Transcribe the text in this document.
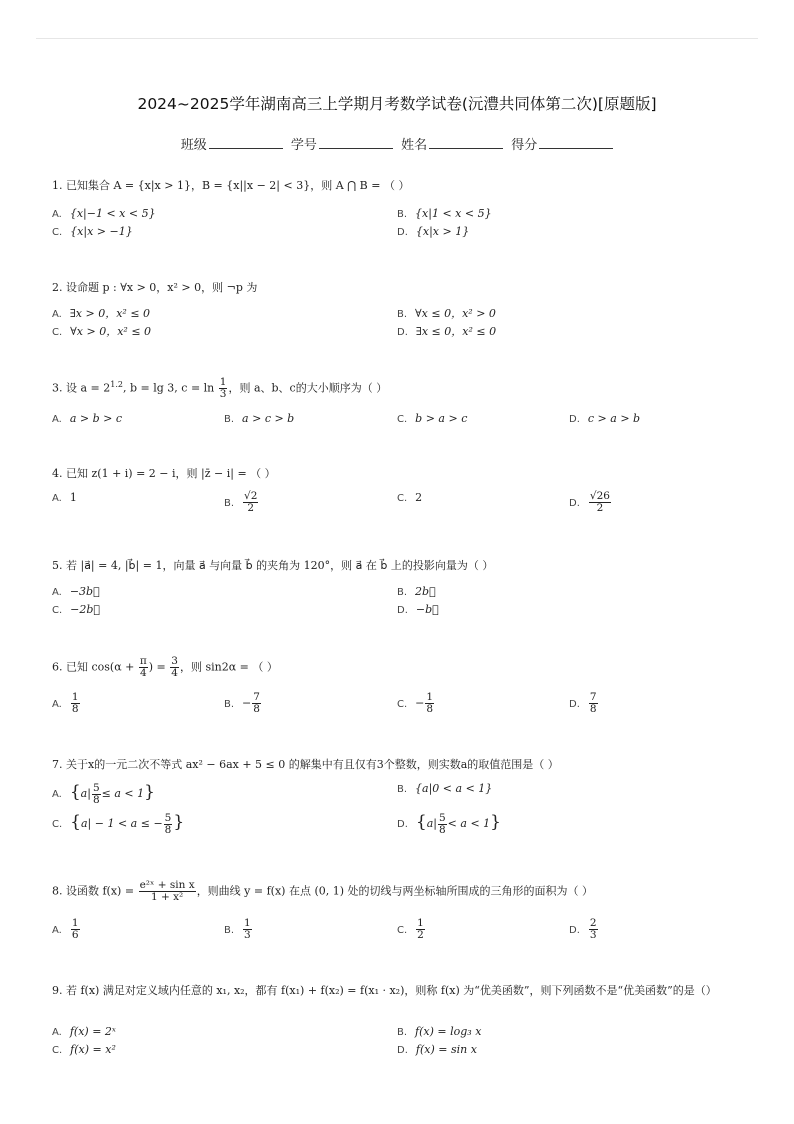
2024~2025学年湖南高三上学期月考数学试卷(沅澧共同体第二次)[原题版]
班级	学号	姓名	得分
1. 已知集合 A = {x|x > 1}，B = {x||x − 2| < 3}，则 A ⋂ B = （ ）
A. {x|−1 < x < 5}	B. {x|1 < x < 5}
C. {x|x > −1}	D. {x|x > 1}
2. 设命题 p : ∀x > 0，x² > 0，则 ¬p 为
A. ∃x > 0，x² ≤ 0	B. ∀x ≤ 0，x² > 0
C. ∀x > 0，x² ≤ 0	D. ∃x ≤ 0，x² ≤ 0
3. 设 $a = 2^{1.2}$, b = lg 3, $c = \ln \frac{1}{3}$ ，则 a、b、c的大小顺序为（ ）
A. a > b > c	B. a > c > b	C. b > a > c	D. c > a > b
4. 已知 z(1 + i) = 2 − i，则 |z̄ − i| = （ ）
A. 1	B. $\frac{√2}{2}$	C. 2	D. $\frac{√26}{2}$
5. 若 |a⃗| = 4, |b⃗| = 1，向量 a⃗ 与向量 b⃗ 的夹角为 120°，则 a⃗ 在 b⃗ 上的投影向量为（ ）
A. −3b⃗	B. 2b⃗
C. −2b⃗	D. −b⃗
6. 已知 $\cos(\alpha + \frac{\pi}{4}$ ) = $\frac{3}{4}$ ，则 sin2α = （ ）
A. $\frac{1}{8}$	B. − $\frac{7}{8}$	C. − $\frac{1}{8}$	D. $\frac{7}{8}$
7. 关于x的一元二次不等式 ax² − 6ax + 5 ≤ 0 的解集中有且仅有3个整数，则实数a的取值范围是（ ）
A. $\{a| \frac{5}{8} \le a < 1\}$	B. {a|0 < a < 1}
C. {a| − 1 < a ≤ − $\frac{5}{8}$ }	D. $\{a| \frac{5}{8} < a < 1\}$
8. 设函数 $f(x) = \frac{\text{e²ˣ + sin x}}{\text{1 + x²}}$ ，则曲线 y = f(x) 在点 (0, 1) 处的切线与两坐标轴所围成的三角形的面积为（ ）
A. $\frac{1}{6}$	B. $\frac{1}{3}$	C. $\frac{1}{2}$	D. $\frac{2}{3}$
9. 若 f(x) 满足对定义域内任意的 x₁, x₂，都有 f(x₁) + f(x₂) = f(x₁ · x₂)，则称 f(x) 为“优美函数”，则下列函数不是“优美函数”的是（）
A. f(x) = 2ˣ	B. f(x) = log₃ x
C. f(x) = x²	D. f(x) = sin x
